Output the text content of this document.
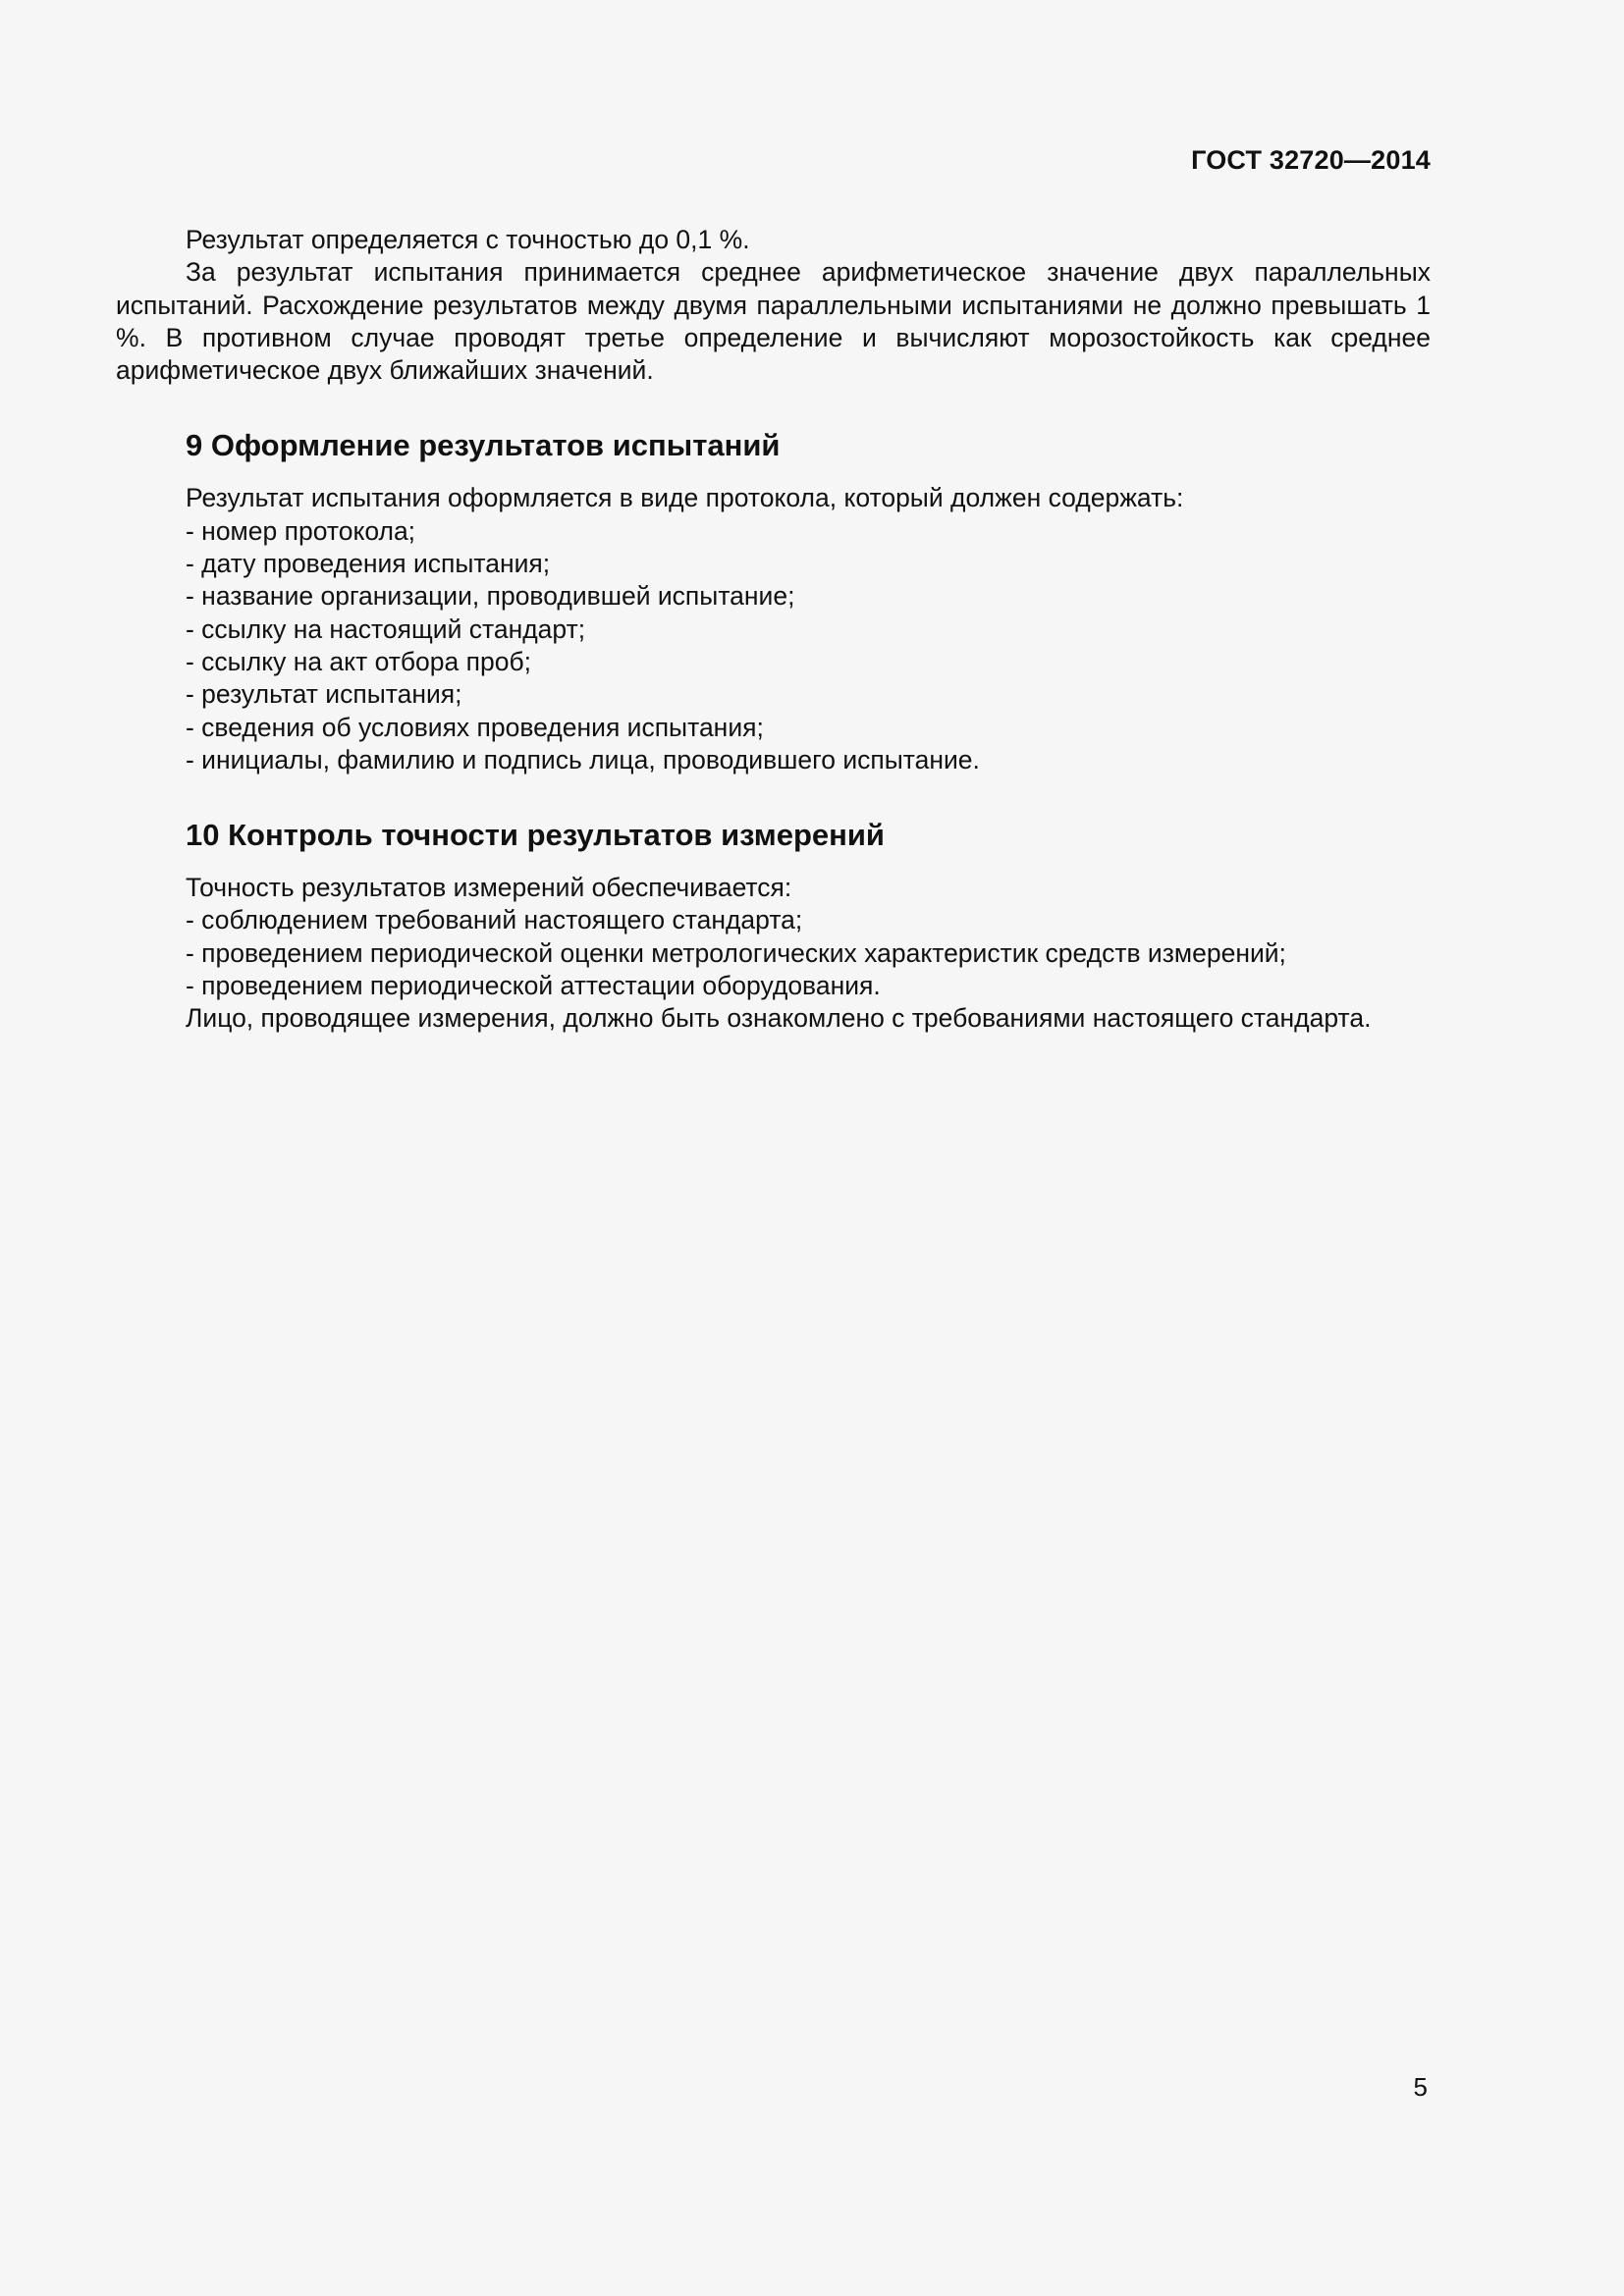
ГОСТ 32720—2014

Результат определяется с точностью до 0,1 %.

За результат испытания принимается среднее арифметическое значение двух параллельных испытаний. Расхождение результатов между двумя параллельными испытаниями не должно превышать 1 %. В противном случае проводят третье определение и вычисляют морозостойкость как среднее арифметическое двух ближайших значений.

9 Оформление результатов испытаний

Результат испытания оформляется в виде протокола, который должен содержать:

- номер протокола;
- дату проведения испытания;
- название организации, проводившей испытание;
- ссылку на настоящий стандарт;
- ссылку на акт отбора проб;
- результат испытания;
- сведения об условиях проведения испытания;
- инициалы, фамилию и подпись лица, проводившего испытание.
10 Контроль точности результатов измерений

Точность результатов измерений обеспечивается:

- соблюдением требований настоящего стандарта;
- проведением периодической оценки метрологических характеристик средств измерений;
- проведением периодической аттестации оборудования.

Лицо, проводящее измерения, должно быть ознакомлено с требованиями настоящего стандарта.

5
